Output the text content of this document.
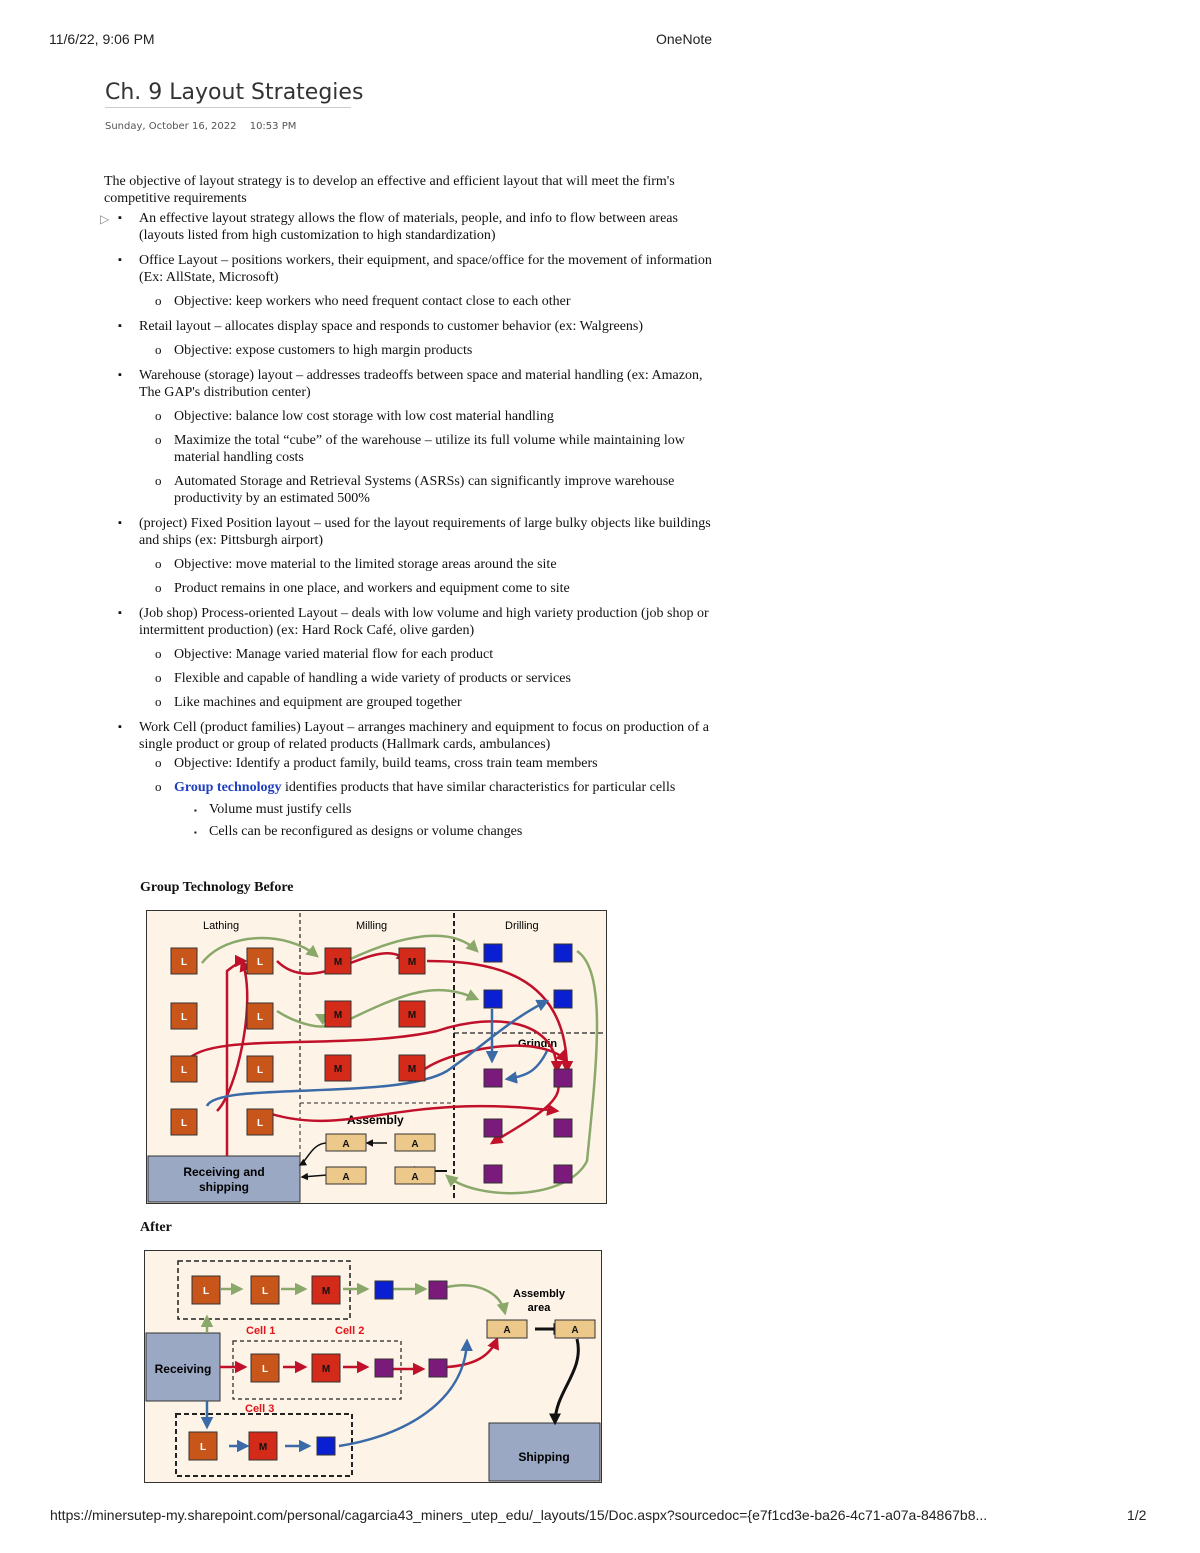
11/6/22, 9:06 PM	OneNote
Ch. 9 Layout Strategies
Sunday, October 16, 2022 10:53 PM

The objective of layout strategy is to develop an effective and efficient layout that will meet the firm's competitive requirements

▪ ▷ An effective layout strategy allows the flow of materials, people, and info to flow between areas (layouts listed from high customization to high standardization)
▪ Office Layout – positions workers, their equipment, and space/office for the movement of information (Ex: AllState, Microsoft)
o Objective: keep workers who need frequent contact close to each other
▪ Retail layout – allocates display space and responds to customer behavior (ex: Walgreens)
o Objective: expose customers to high margin products
▪ Warehouse (storage) layout – addresses tradeoffs between space and material handling (ex: Amazon, The GAP's distribution center)
o Objective: balance low cost storage with low cost material handling
o Maximize the total “cube” of the warehouse – utilize its full volume while maintaining low material handling costs
o Automated Storage and Retrieval Systems (ASRSs) can significantly improve warehouse productivity by an estimated 500%
▪ (project) Fixed Position layout – used for the layout requirements of large bulky objects like buildings and ships (ex: Pittsburgh airport)
o Objective: move material to the limited storage areas around the site
o Product remains in one place, and workers and equipment come to site
▪ (Job shop) Process-oriented Layout – deals with low volume and high variety production (job shop or intermittent production) (ex: Hard Rock Café, olive garden)
o Objective: Manage varied material flow for each product
o Flexible and capable of handling a wide variety of products or services
o Like machines and equipment are grouped together
▪ Work Cell (product families) Layout – arranges machinery and equipment to focus on production of a single product or group of related products (Hallmark cards, ambulances)
o Objective: Identify a product family, build teams, cross train team members
o Group technology identifies products that have similar characteristics for particular cells
▪ Volume must justify cells
▪ Cells can be reconfigured as designs or volume changes
Group Technology Before
Lathing	Milling	Drilling
Grindin
Assembly
Receiving and
shipping
L	L
L	L
L	L
L	L
M	M
M	M
M	M
A	A
A	A
After
Cell 1	Cell 2
Cell 3
Assembly
area
Receiving
Shipping
L	L	M
L	M
L	M
A	A
https://minersutep-my.sharepoint.com/personal/cagarcia43_miners_utep_edu/_layouts/15/Doc.aspx?sourcedoc={e7f1cd3e-ba26-4c71-a07a-84867b8...	1/2
